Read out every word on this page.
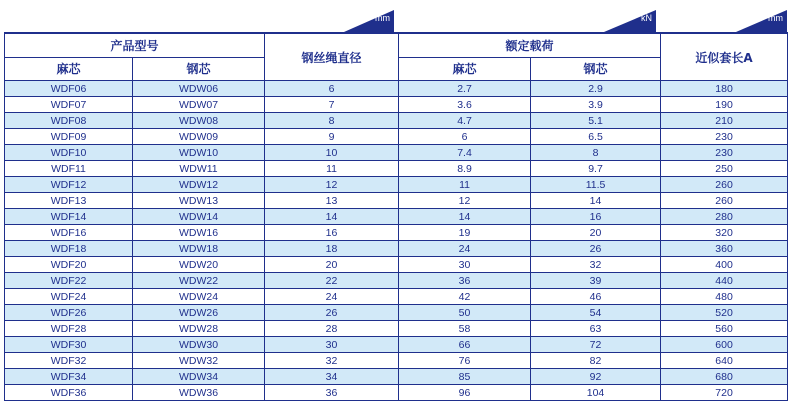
mm	kN	mm
产品型号		钢丝绳直径	额定载荷		近似套长A
麻芯	钢芯		麻芯	钢芯	
WDF06	WDW06	6	2.7	2.9	180
WDF07	WDW07	7	3.6	3.9	190
WDF08	WDW08	8	4.7	5.1	210
WDF09	WDW09	9	6	6.5	230
WDF10	WDW10	10	7.4	8	230
WDF11	WDW11	11	8.9	9.7	250
WDF12	WDW12	12	11	11.5	260
WDF13	WDW13	13	12	14	260
WDF14	WDW14	14	14	16	280
WDF16	WDW16	16	19	20	320
WDF18	WDW18	18	24	26	360
WDF20	WDW20	20	30	32	400
WDF22	WDW22	22	36	39	440
WDF24	WDW24	24	42	46	480
WDF26	WDW26	26	50	54	520
WDF28	WDW28	28	58	63	560
WDF30	WDW30	30	66	72	600
WDF32	WDW32	32	76	82	640
WDF34	WDW34	34	85	92	680
WDF36	WDW36	36	96	104	720
